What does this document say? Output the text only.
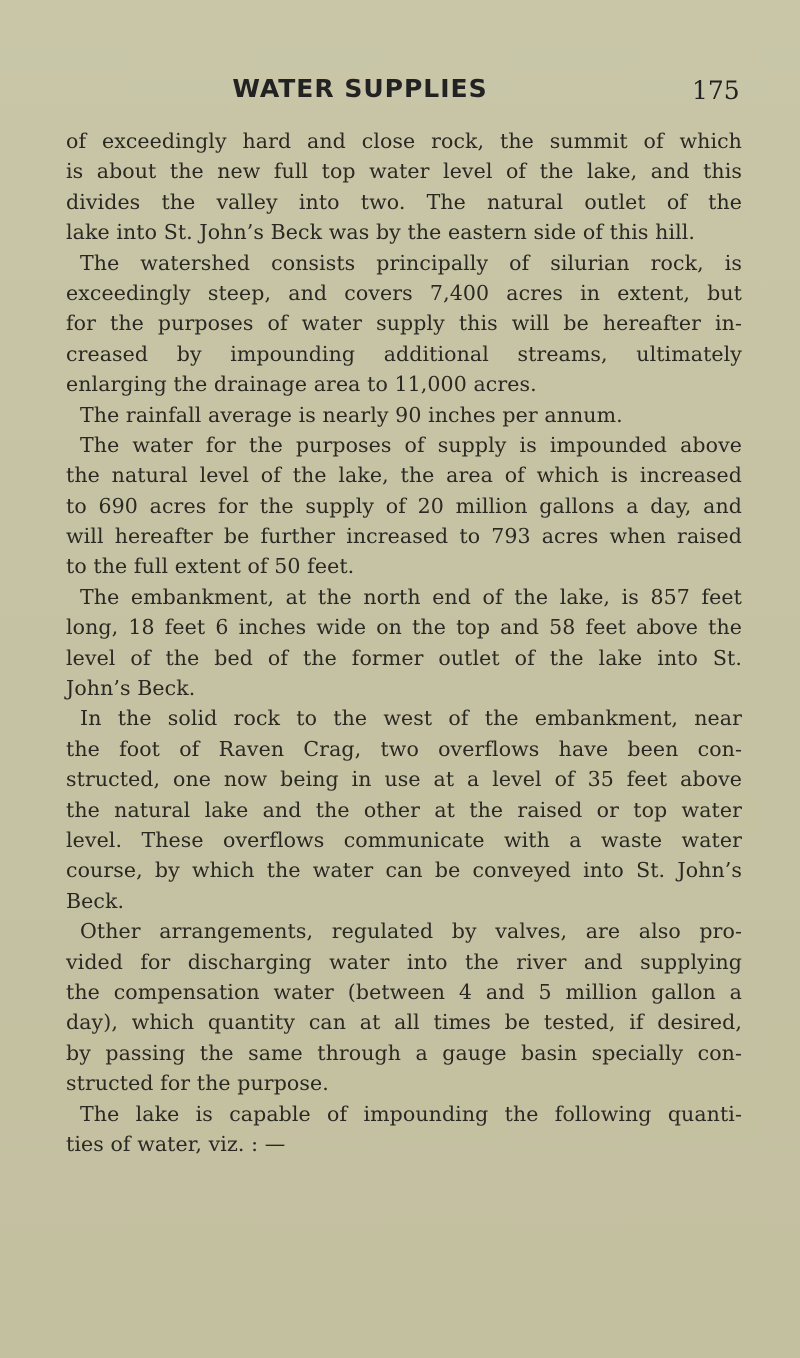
WATER SUPPLIES	175
of exceedingly hard and close rock, the summit of which
is about the new full top water level of the lake, and this
divides the valley into two. The natural outlet of the
lake into St. John’s Beck was by the eastern side of this hill.
The watershed consists principally of silurian rock, is
exceedingly steep, and covers 7,400 acres in extent, but
for the purposes of water supply this will be hereafter in-
creased by impounding additional streams, ultimately
enlarging the drainage area to 11,000 acres.
The rainfall average is nearly 90 inches per annum.
The water for the purposes of supply is impounded above
the natural level of the lake, the area of which is increased
to 690 acres for the supply of 20 million gallons a day, and
will hereafter be further increased to 793 acres when raised
to the full extent of 50 feet.
The embankment, at the north end of the lake, is 857 feet
long, 18 feet 6 inches wide on the top and 58 feet above the
level of the bed of the former outlet of the lake into St.
John’s Beck.
In the solid rock to the west of the embankment, near
the foot of Raven Crag, two overflows have been con-
structed, one now being in use at a level of 35 feet above
the natural lake and the other at the raised or top water
level. These overflows communicate with a waste water
course, by which the water can be conveyed into St. John’s
Beck.
Other arrangements, regulated by valves, are also pro-
vided for discharging water into the river and supplying
the compensation water (between 4 and 5 million gallon a
day), which quantity can at all times be tested, if desired,
by passing the same through a gauge basin specially con-
structed for the purpose.
The lake is capable of impounding the following quanti-
ties of water, viz. : —
